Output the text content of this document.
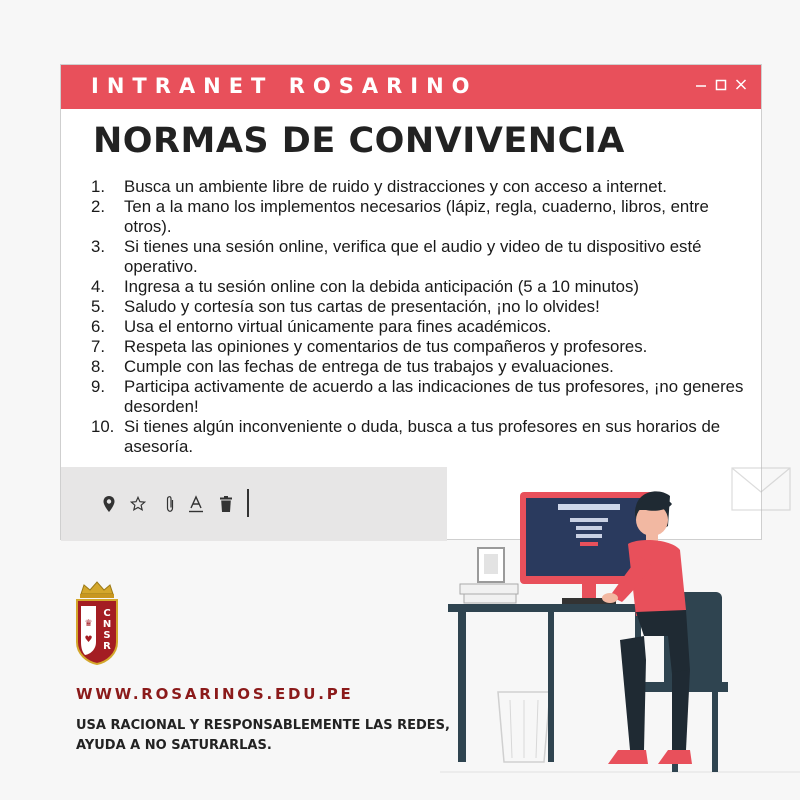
INTRANET ROSARINO
NORMAS DE CONVIVENCIA
1. Busca un ambiente libre de ruido y distracciones y con acceso a internet.
2. Ten a la mano los implementos necesarios (lápiz, regla, cuaderno, libros, entre otros).
3. Si tienes una sesión online, verifica que el audio y video de tu dispositivo esté operativo.
4. Ingresa a tu sesión online con la debida anticipación (5 a 10 minutos)
5. Saludo y cortesía son tus cartas de presentación, ¡no lo olvides!
6. Usa el entorno virtual únicamente para fines académicos.
7. Respeta las opiniones y comentarios de tus compañeros y profesores.
8. Cumple con las fechas de entrega de tus trabajos y evaluaciones.
9. Participa activamente de acuerdo a las indicaciones de tus profesores, ¡no generes desorden!
10. Si tienes algún inconveniente o duda, busca a tus profesores en sus horarios de asesoría.
♛
♥
CNSR
WWW.ROSARINOS.EDU.PE
USA RACIONAL Y RESPONSABLEMENTE LAS REDES,
AYUDA A NO SATURARLAS.
